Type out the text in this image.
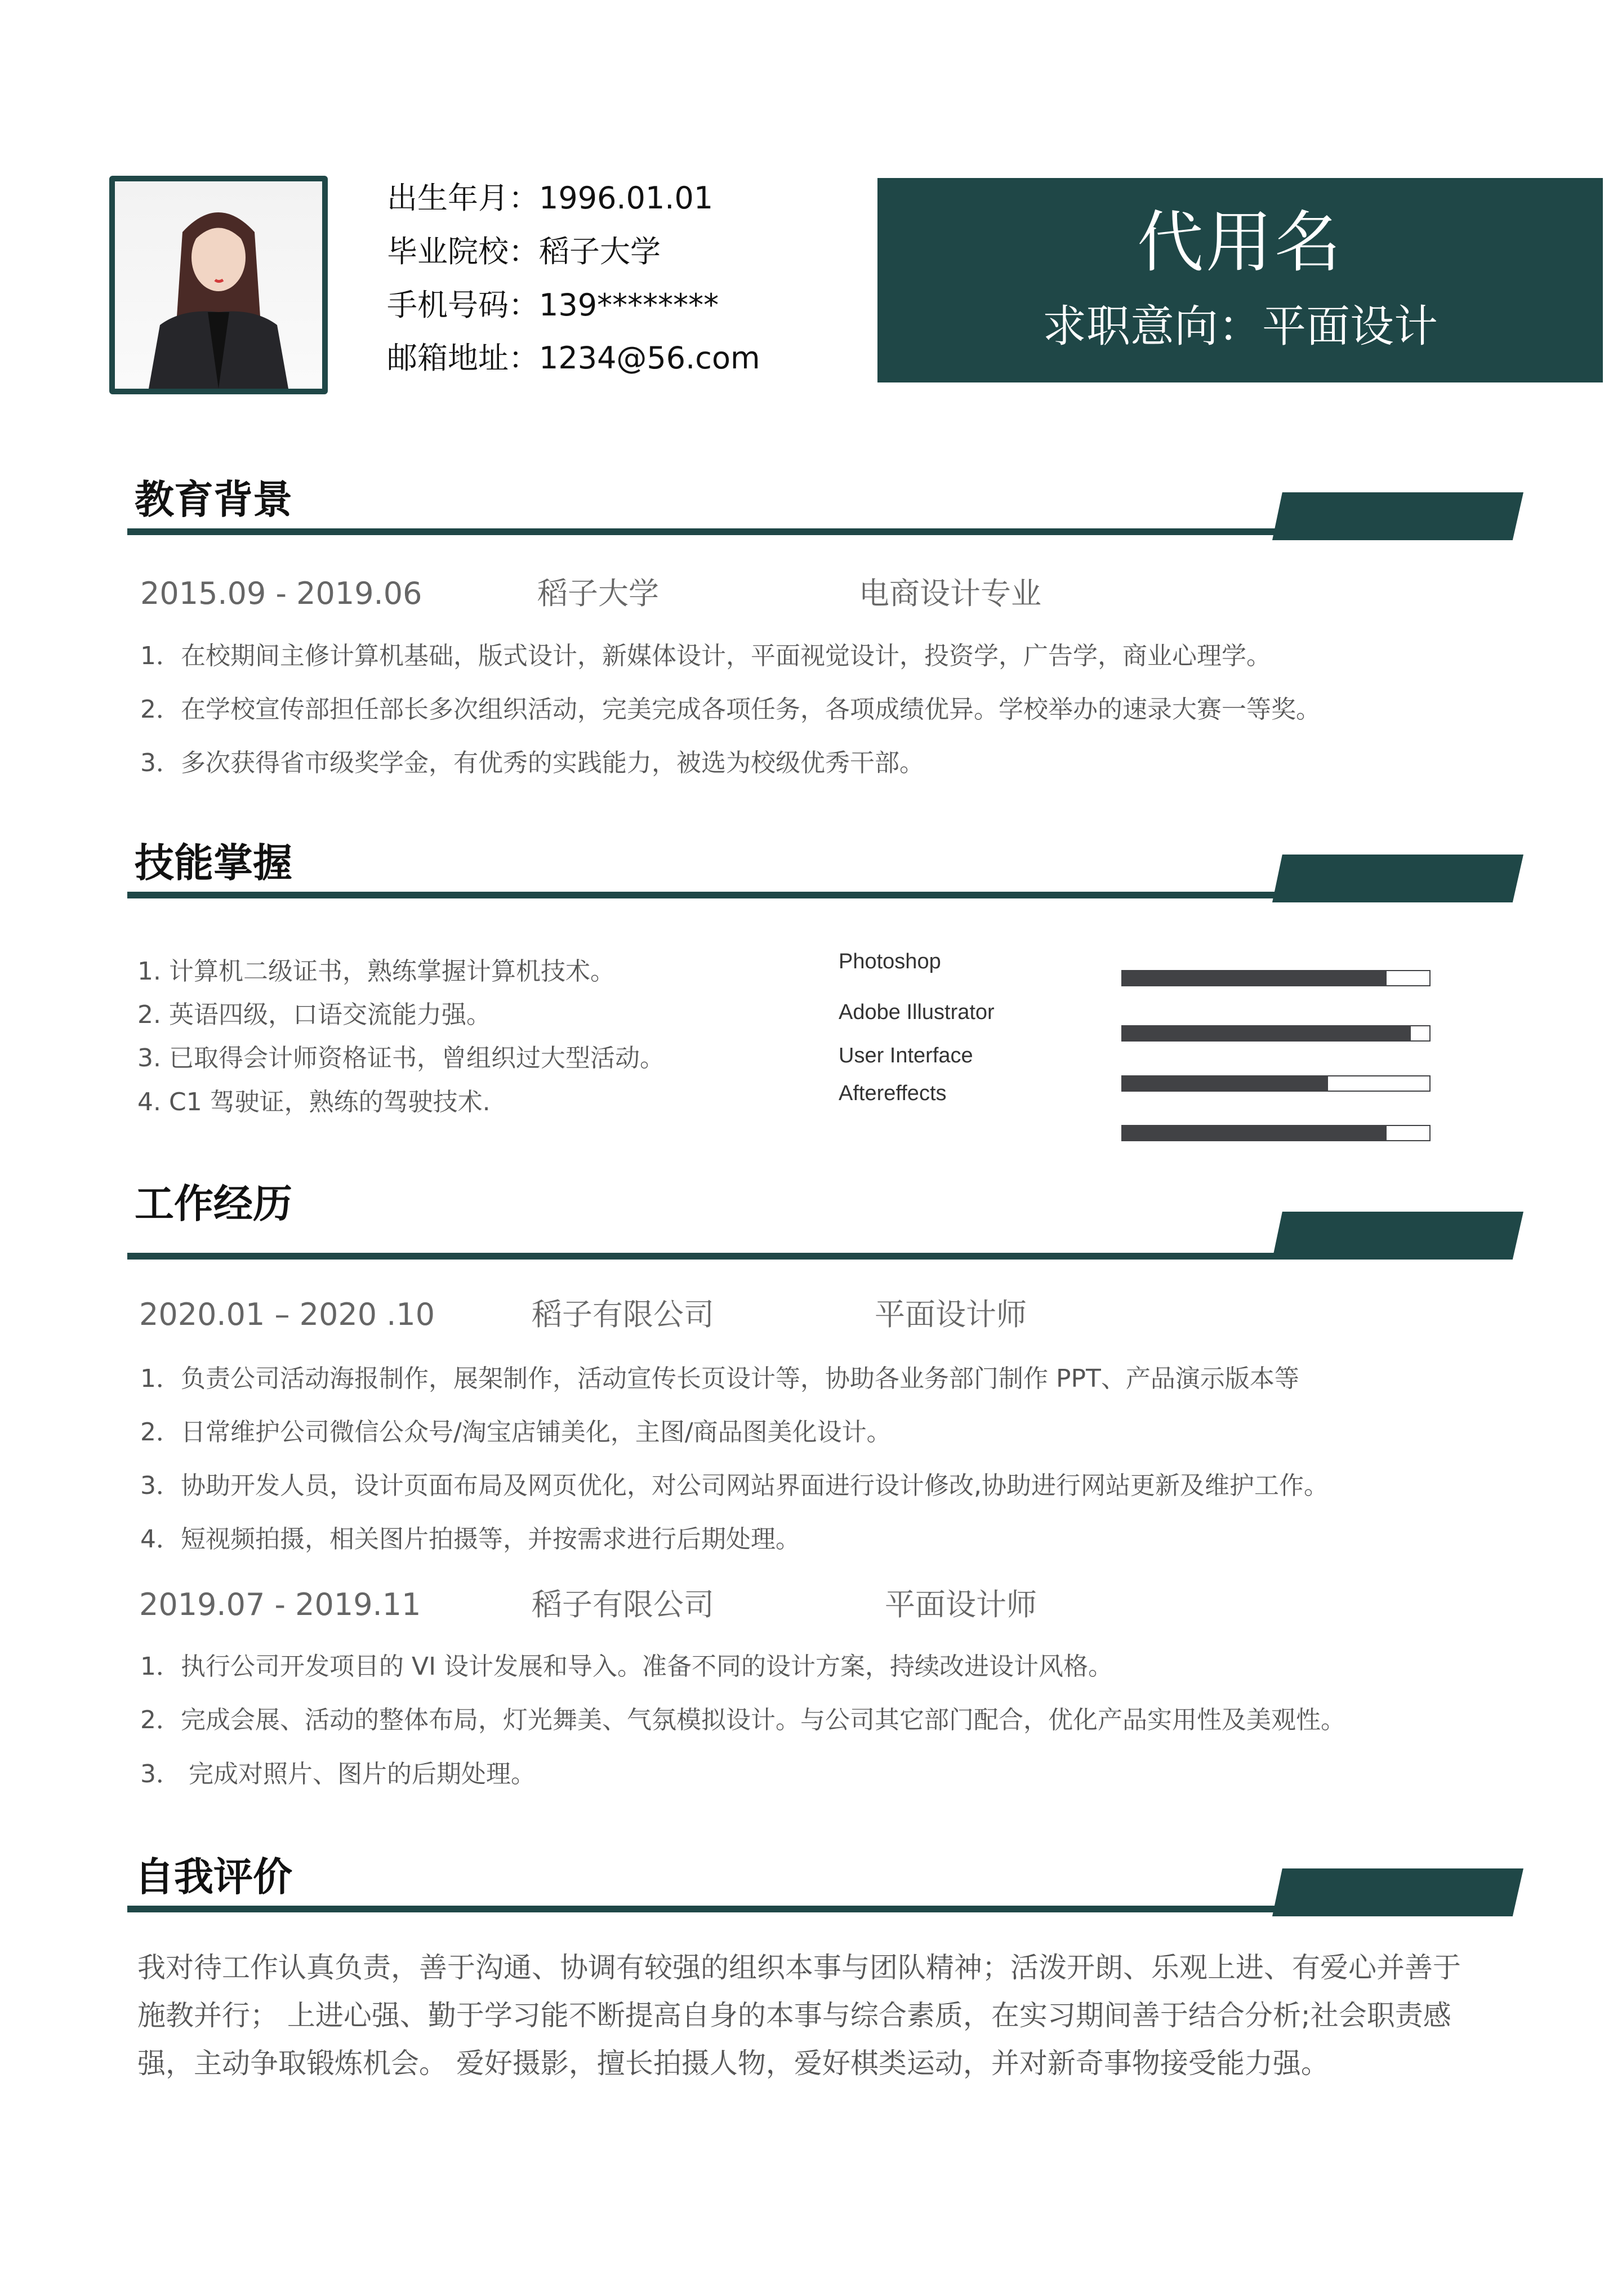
出生年月：1996.01.01
毕业院校：稻子大学
手机号码：139********
邮箱地址：1234@56.com
代用名
求职意向：平面设计
教育背景
2015.09 - 2019.06	稻子大学	电商设计专业
1．在校期间主修计算机基础，版式设计，新媒体设计，平面视觉设计，投资学，广告学，商业心理学。
2．在学校宣传部担任部长多次组织活动，完美完成各项任务，各项成绩优异。学校举办的速录大赛一等奖。
3．多次获得省市级奖学金，有优秀的实践能力，被选为校级优秀干部。
技能掌握
1. 计算机二级证书，熟练掌握计算机技术。
2. 英语四级，口语交流能力强。
3. 已取得会计师资格证书，曾组织过大型活动。
4. C1 驾驶证，熟练的驾驶技术.
Photoshop
Adobe Illustrator
User Interface
Aftereffects
工作经历
2020.01 – 2020 .10	稻子有限公司	平面设计师
1．负责公司活动海报制作，展架制作，活动宣传长页设计等，协助各业务部门制作 PPT、产品演示版本等
2．日常维护公司微信公众号/淘宝店铺美化，主图/商品图美化设计。
3．协助开发人员，设计页面布局及网页优化，对公司网站界面进行设计修改,协助进行网站更新及维护工作。
4．短视频拍摄，相关图片拍摄等，并按需求进行后期处理。
2019.07 - 2019.11	稻子有限公司	平面设计师
1．执行公司开发项目的 VI 设计发展和导入。准备不同的设计方案，持续改进设计风格。
2．完成会展、活动的整体布局，灯光舞美、气氛模拟设计。与公司其它部门配合，优化产品实用性及美观性。
3． 完成对照片、图片的后期处理。
自我评价
我对待工作认真负责，善于沟通、协调有较强的组织本事与团队精神；活泼开朗、乐观上进、有爱心并善于施教并行； 上进心强、勤于学习能不断提高自身的本事与综合素质，在实习期间善于结合分析;社会职责感强，主动争取锻炼机会。 爱好摄影，擅长拍摄人物，爱好棋类运动，并对新奇事物接受能力强。
